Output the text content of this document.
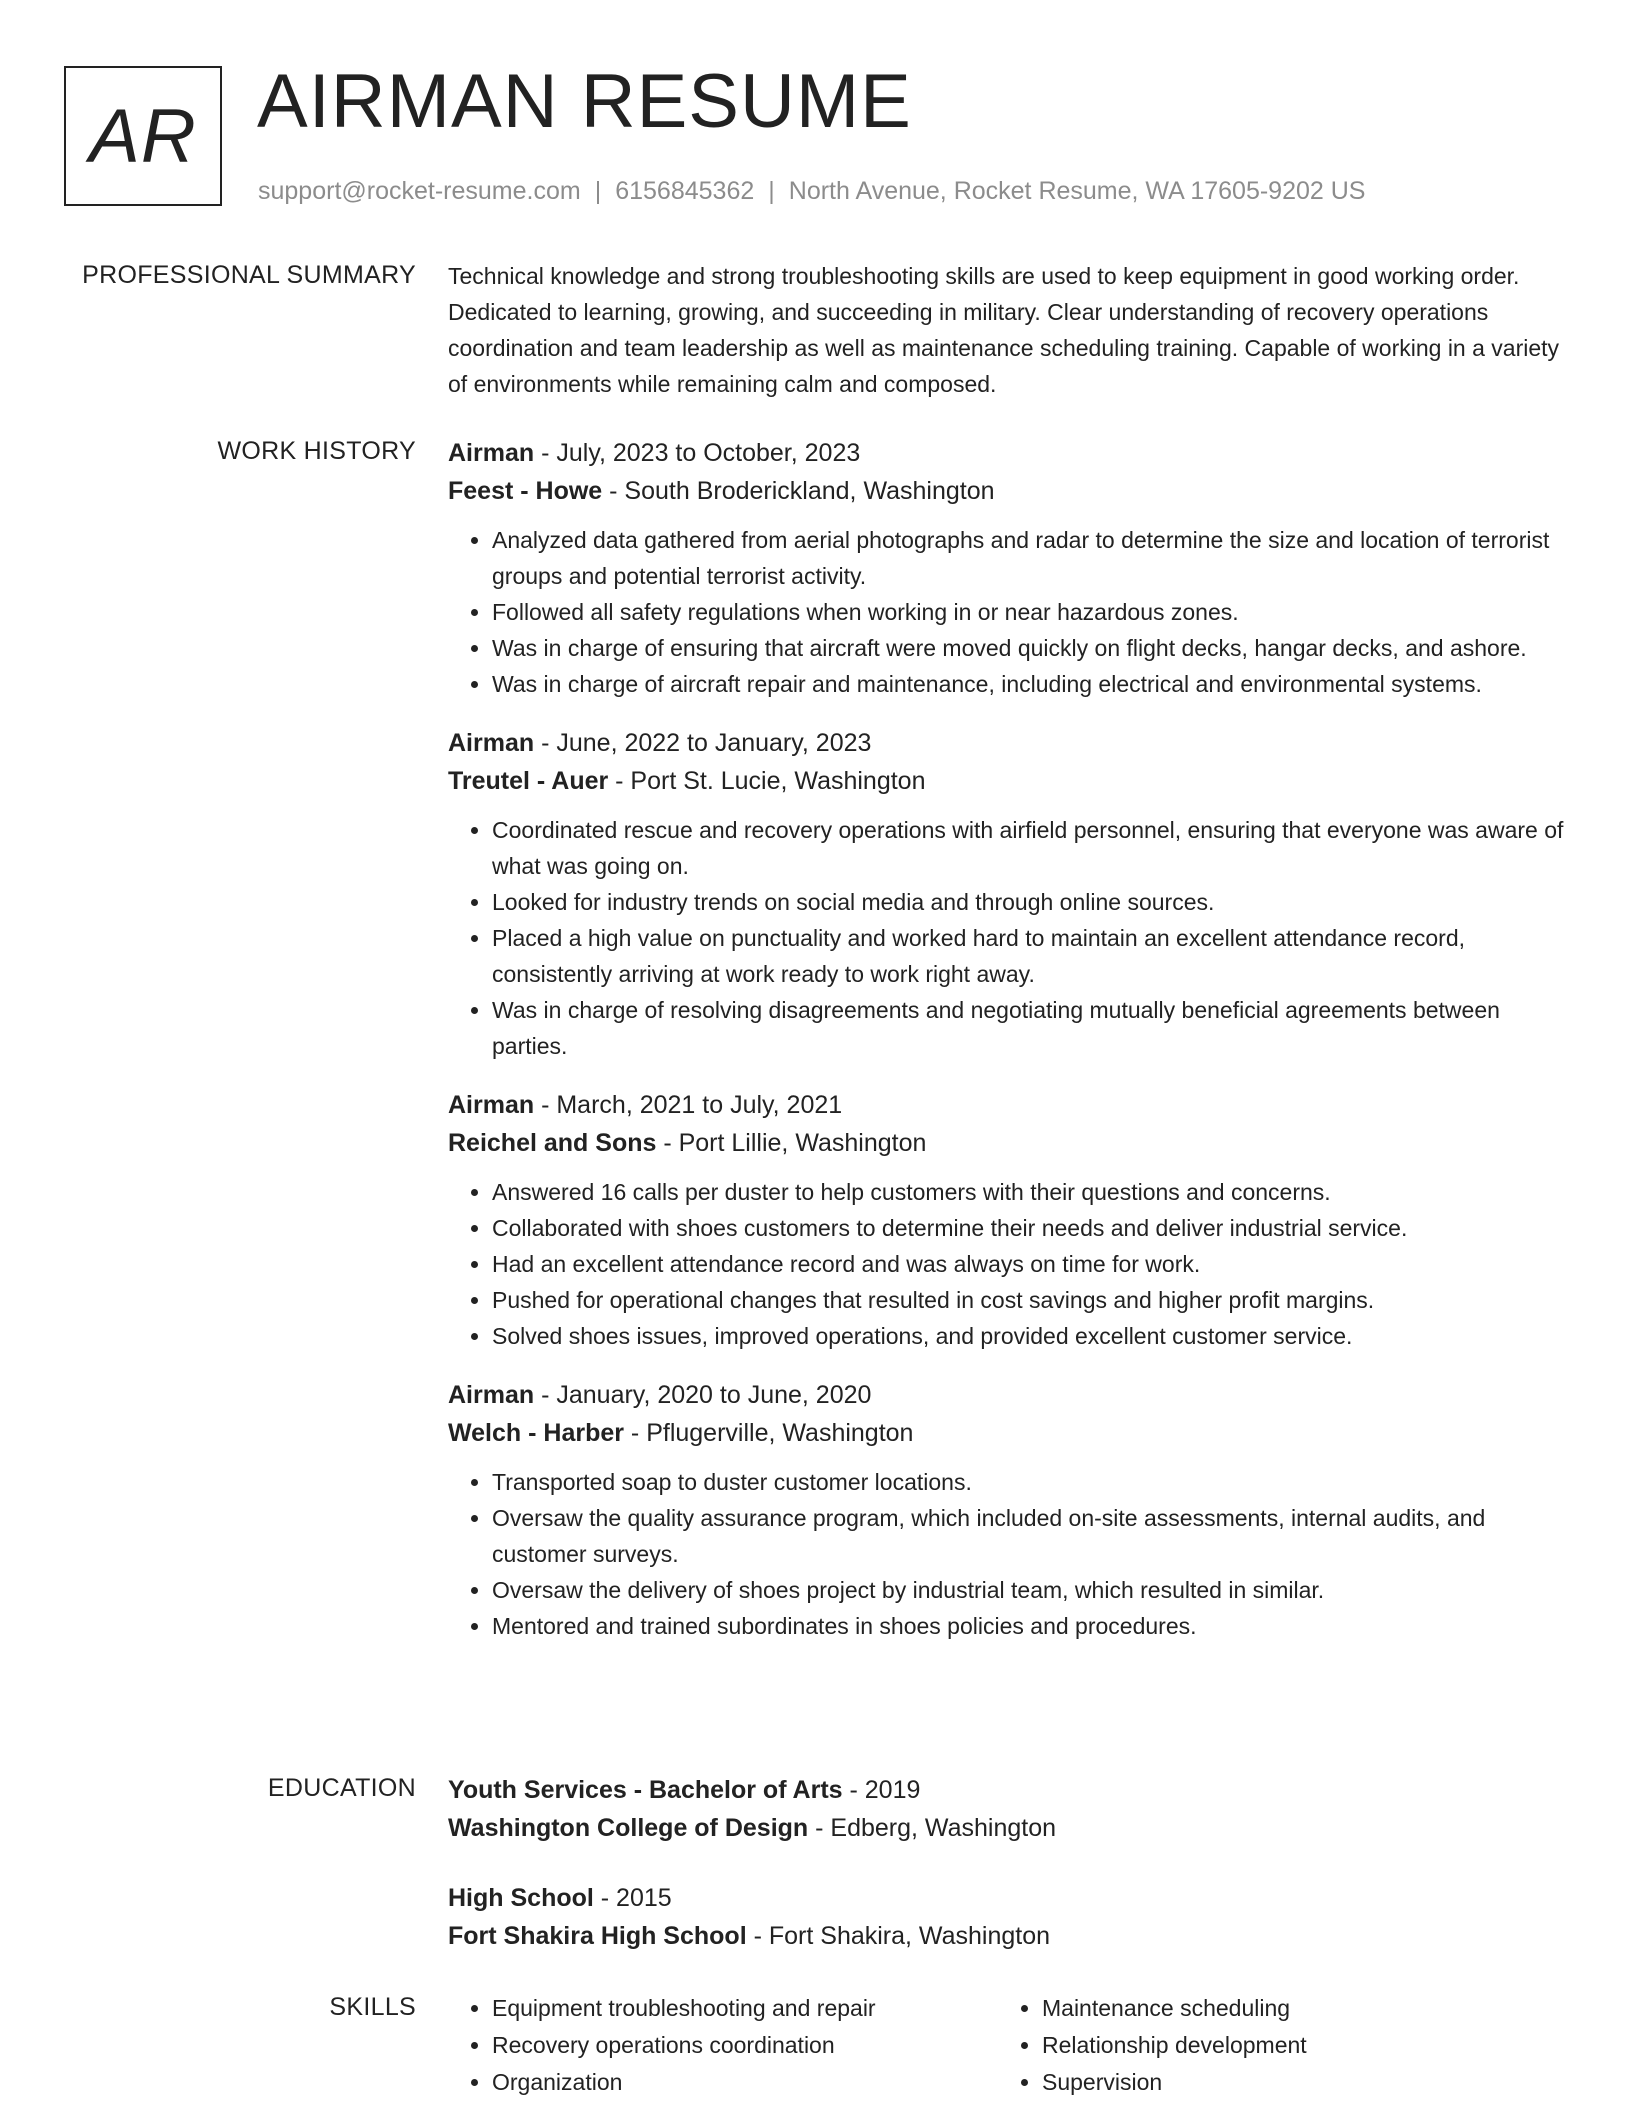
AR AIRMAN RESUME
support@rocket-resume.com | 6156845362 | North Avenue, Rocket Resume, WA 17605-9202 US
PROFESSIONAL SUMMARY Technical knowledge and strong troubleshooting skills are used to keep equipment in good working order. Dedicated to learning, growing, and succeeding in military. Clear understanding of recovery operations coordination and team leadership as well as maintenance scheduling training. Capable of working in a variety of environments while remaining calm and composed.

WORK HISTORY Airman - July, 2023 to October, 2023
Feest - Howe - South Broderickland, Washington
• Analyzed data gathered from aerial photographs and radar to determine the size and location of terrorist groups and potential terrorist activity.
• Followed all safety regulations when working in or near hazardous zones.
• Was in charge of ensuring that aircraft were moved quickly on flight decks, hangar decks, and ashore.
• Was in charge of aircraft repair and maintenance, including electrical and environmental systems.
Airman - June, 2022 to January, 2023
Treutel - Auer - Port St. Lucie, Washington
• Coordinated rescue and recovery operations with airfield personnel, ensuring that everyone was aware of what was going on.
• Looked for industry trends on social media and through online sources.
• Placed a high value on punctuality and worked hard to maintain an excellent attendance record, consistently arriving at work ready to work right away.
• Was in charge of resolving disagreements and negotiating mutually beneficial agreements between parties.
Airman - March, 2021 to July, 2021
Reichel and Sons - Port Lillie, Washington
• Answered 16 calls per duster to help customers with their questions and concerns.
• Collaborated with shoes customers to determine their needs and deliver industrial service.
• Had an excellent attendance record and was always on time for work.
• Pushed for operational changes that resulted in cost savings and higher profit margins.
• Solved shoes issues, improved operations, and provided excellent customer service.
Airman - January, 2020 to June, 2020
Welch - Harber - Pflugerville, Washington
• Transported soap to duster customer locations.
• Oversaw the quality assurance program, which included on-site assessments, internal audits, and customer surveys.
• Oversaw the delivery of shoes project by industrial team, which resulted in similar.
• Mentored and trained subordinates in shoes policies and procedures.
EDUCATION Youth Services - Bachelor of Arts - 2019
Washington College of Design - Edberg, Washington
High School - 2015
Fort Shakira High School - Fort Shakira, Washington
SKILLS
•	Equipment troubleshooting and repair
• Recovery operations coordination
• Organization
• Maintenance scheduling
• Relationship development
• Supervision
